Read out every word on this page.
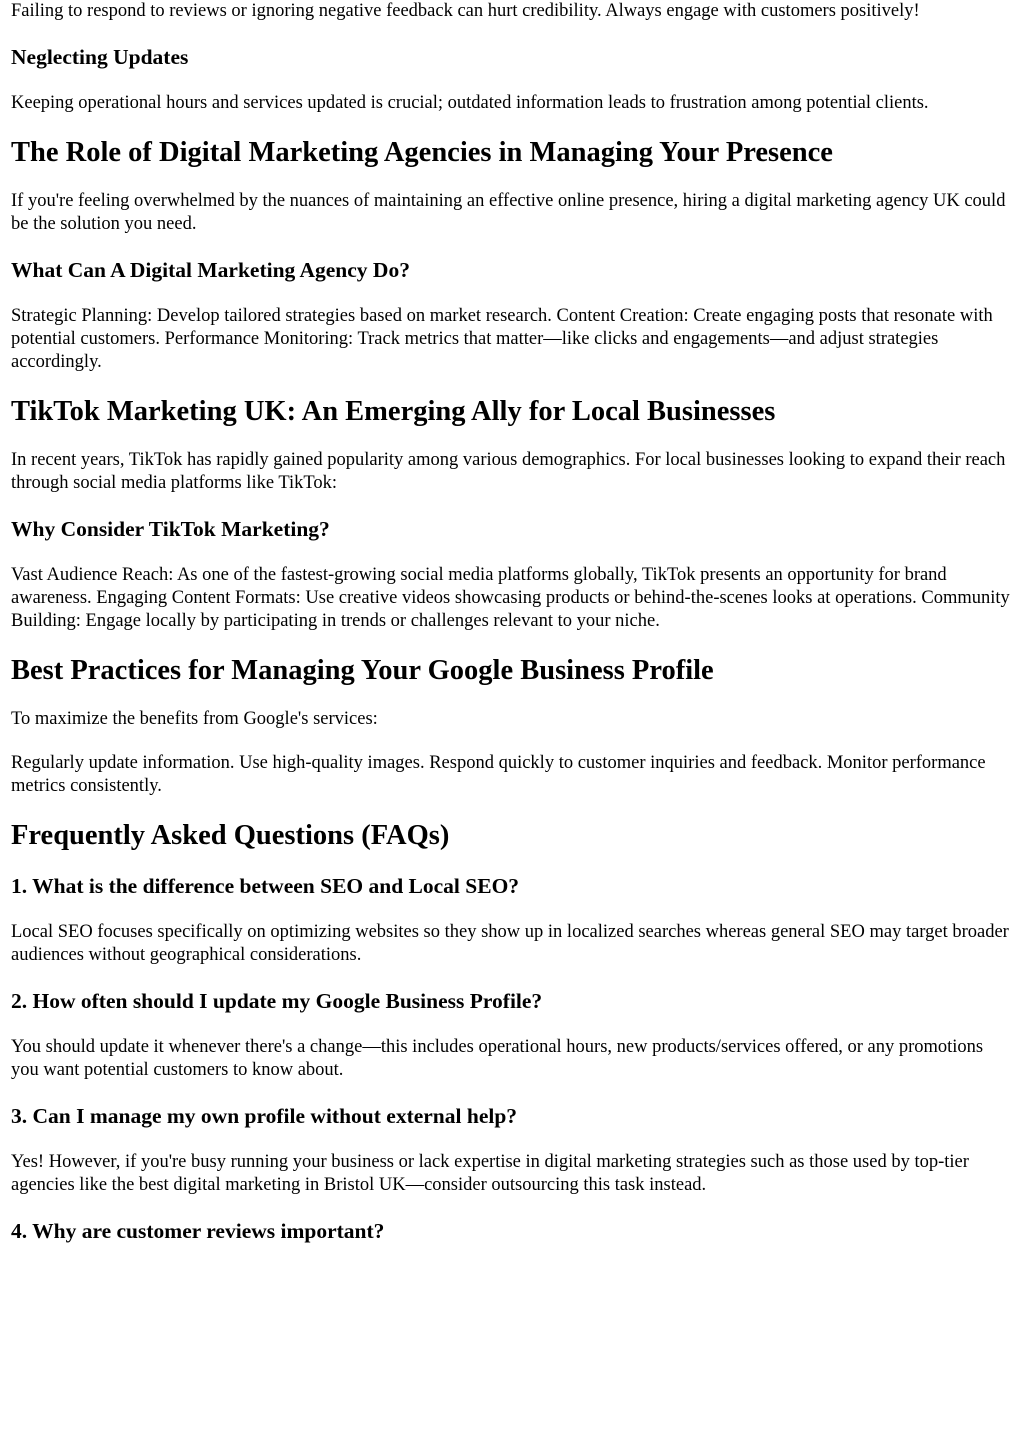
Failing to respond to reviews or ignoring negative feedback can hurt credibility. Always engage with customers positively!

Neglecting Updates

Keeping operational hours and services updated is crucial; outdated information leads to frustration among potential clients.

The Role of Digital Marketing Agencies in Managing Your Presence

If you're feeling overwhelmed by the nuances of maintaining an effective online presence, hiring a digital marketing agency UK could be the solution you need.

What Can A Digital Marketing Agency Do?

Strategic Planning: Develop tailored strategies based on market research. Content Creation: Create engaging posts that resonate with potential customers. Performance Monitoring: Track metrics that matter—like clicks and engagements—and adjust strategies accordingly.

TikTok Marketing UK: An Emerging Ally for Local Businesses

In recent years, TikTok has rapidly gained popularity among various demographics. For local businesses looking to expand their reach through social media platforms like TikTok:

Why Consider TikTok Marketing?

Vast Audience Reach: As one of the fastest-growing social media platforms globally, TikTok presents an opportunity for brand awareness. Engaging Content Formats: Use creative videos showcasing products or behind-the-scenes looks at operations. Community Building: Engage locally by participating in trends or challenges relevant to your niche.

Best Practices for Managing Your Google Business Profile

To maximize the benefits from Google's services:

Regularly update information. Use high-quality images. Respond quickly to customer inquiries and feedback. Monitor performance metrics consistently.

Frequently Asked Questions (FAQs)
1. What is the difference between SEO and Local SEO?

Local SEO focuses specifically on optimizing websites so they show up in localized searches whereas general SEO may target broader audiences without geographical considerations.

2. How often should I update my Google Business Profile?

You should update it whenever there's a change—this includes operational hours, new products/services offered, or any promotions you want potential customers to know about.

3. Can I manage my own profile without external help?

Yes! However, if you're busy running your business or lack expertise in digital marketing strategies such as those used by top-tier agencies like the best digital marketing in Bristol UK—consider outsourcing this task instead.

4. Why are customer reviews important?
